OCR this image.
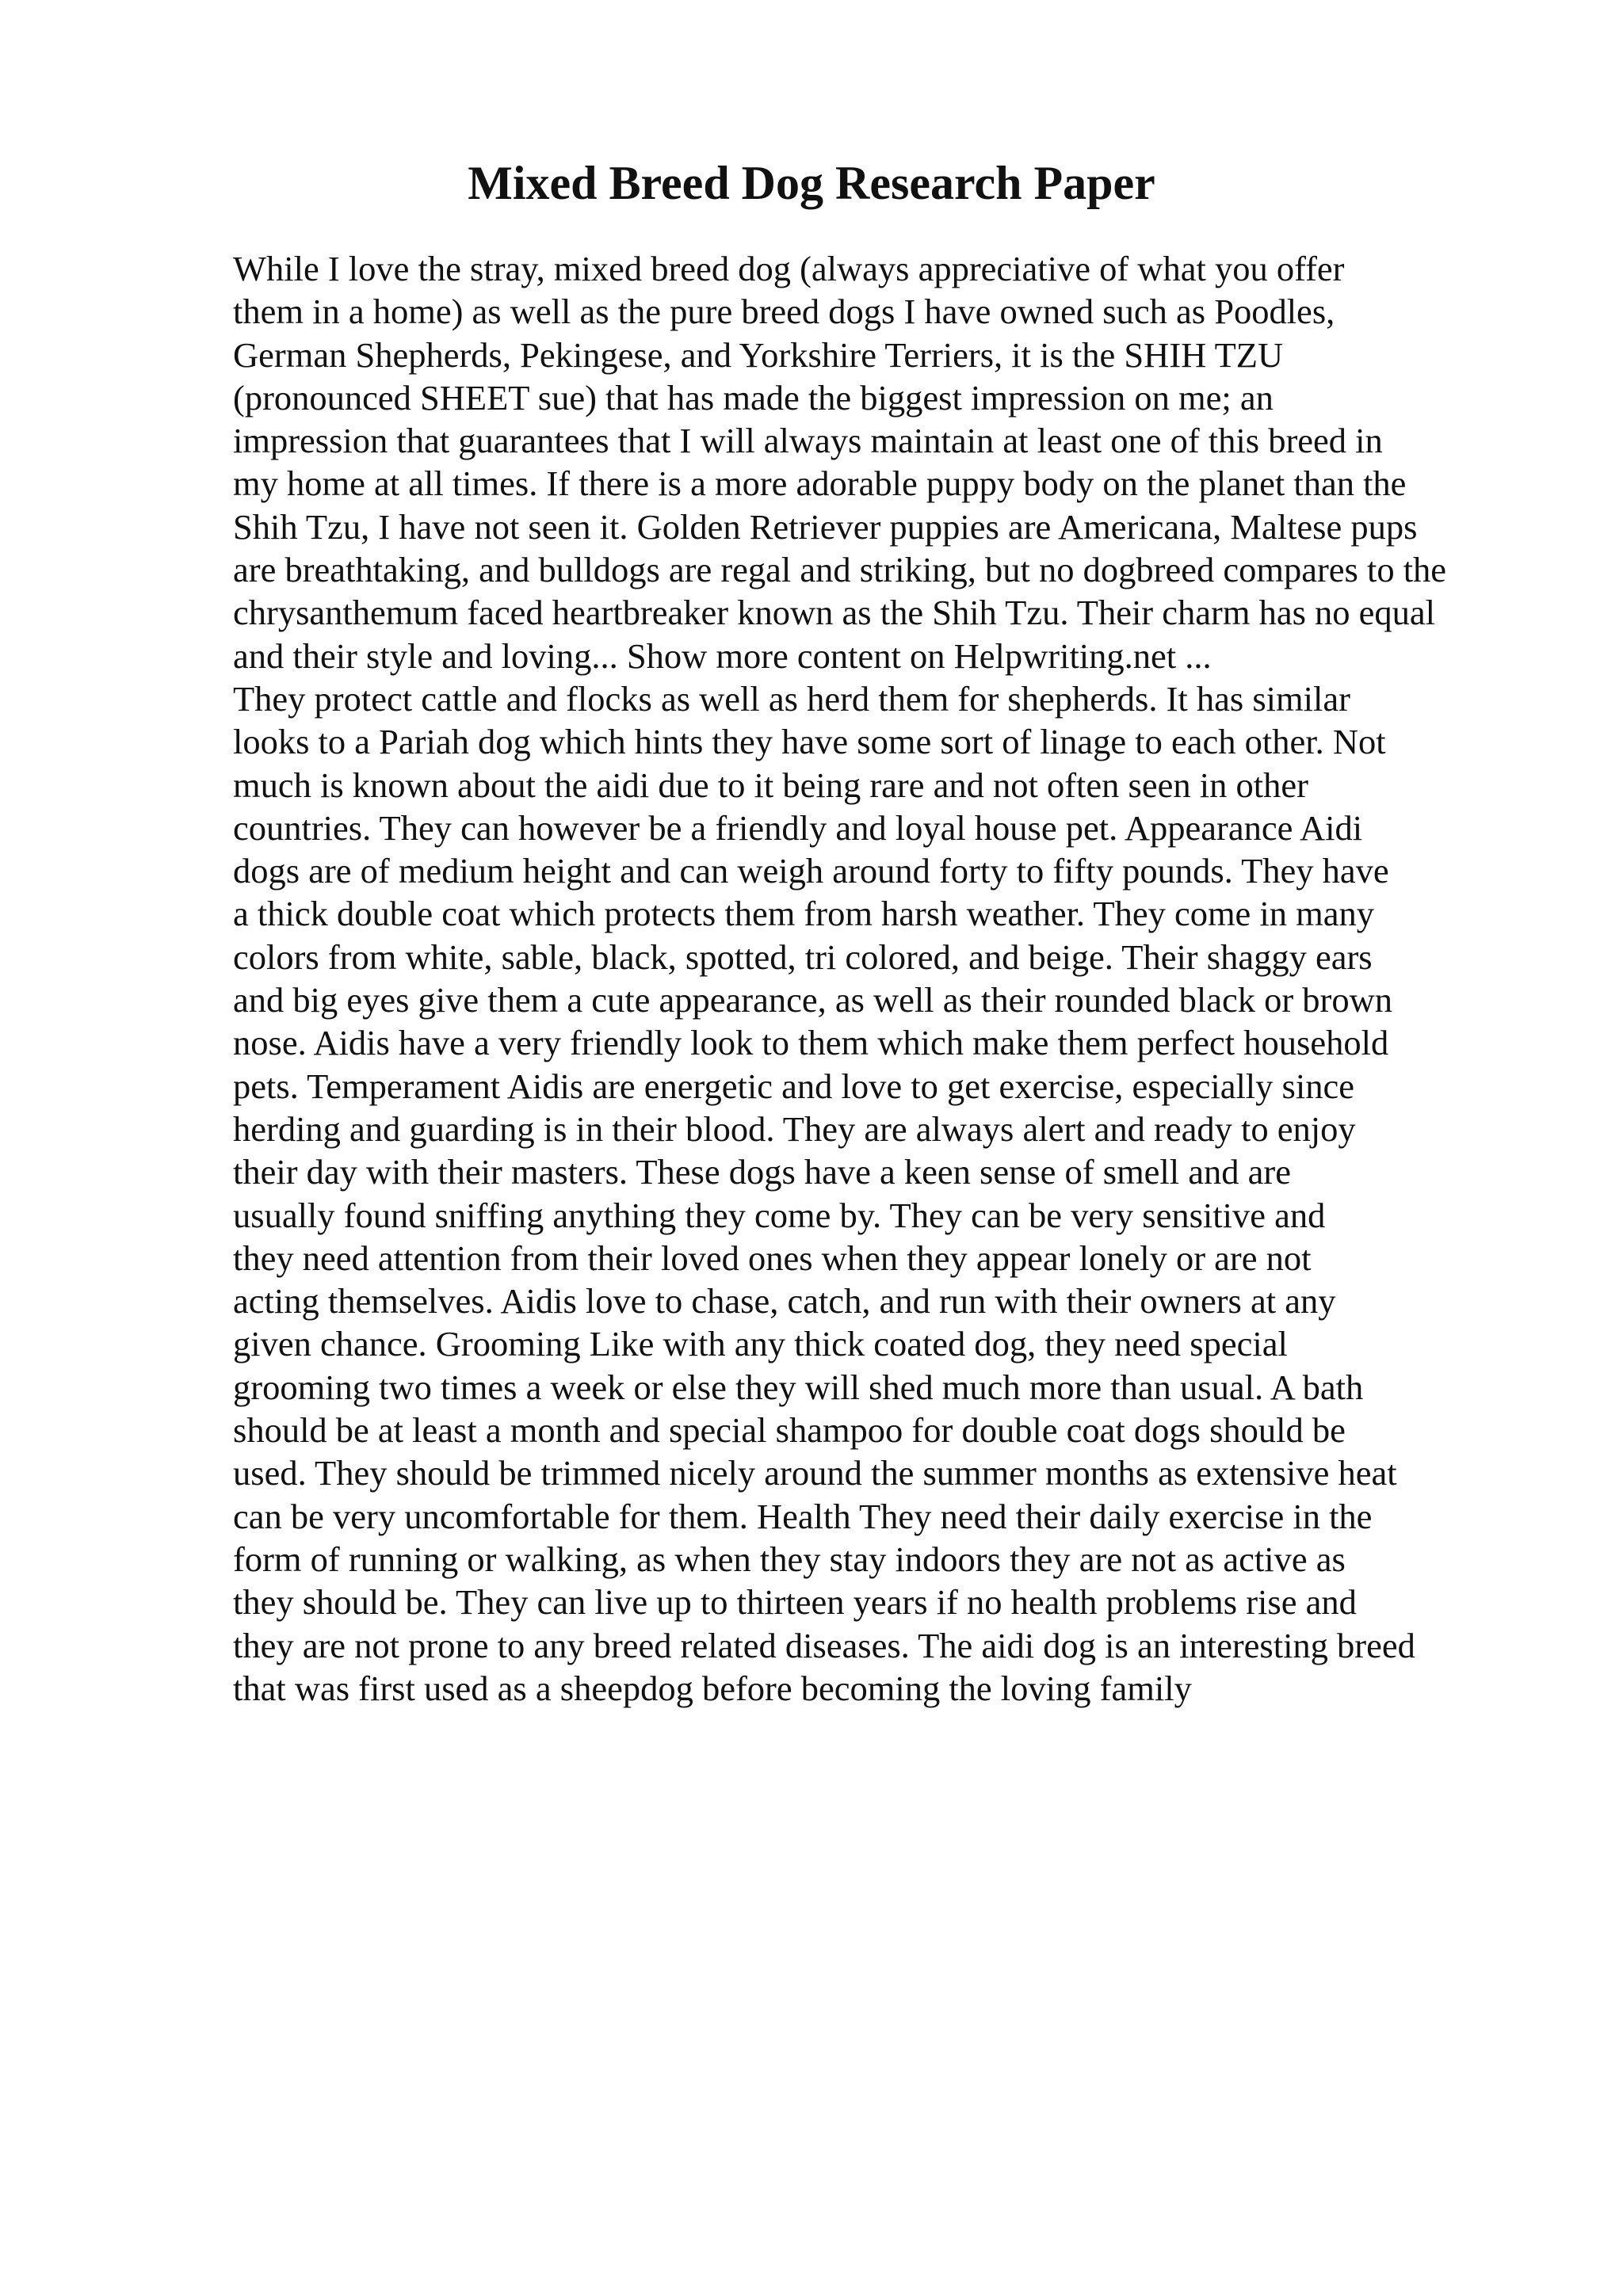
Mixed Breed Dog Research Paper
While I love the stray, mixed breed dog (always appreciative of what you offer
them in a home) as well as the pure breed dogs I have owned such as Poodles,
German Shepherds, Pekingese, and Yorkshire Terriers, it is the SHIH TZU
(pronounced SHEET sue) that has made the biggest impression on me; an
impression that guarantees that I will always maintain at least one of this breed in
my home at all times. If there is a more adorable puppy body on the planet than the
Shih Tzu, I have not seen it. Golden Retriever puppies are Americana, Maltese pups
are breathtaking, and bulldogs are regal and striking, but no dogbreed compares to the
chrysanthemum faced heartbreaker known as the Shih Tzu. Their charm has no equal
and their style and loving... Show more content on Helpwriting.net ...
They protect cattle and flocks as well as herd them for shepherds. It has similar
looks to a Pariah dog which hints they have some sort of linage to each other. Not
much is known about the aidi due to it being rare and not often seen in other
countries. They can however be a friendly and loyal house pet. Appearance Aidi
dogs are of medium height and can weigh around forty to fifty pounds. They have
a thick double coat which protects them from harsh weather. They come in many
colors from white, sable, black, spotted, tri colored, and beige. Their shaggy ears
and big eyes give them a cute appearance, as well as their rounded black or brown
nose. Aidis have a very friendly look to them which make them perfect household
pets. Temperament Aidis are energetic and love to get exercise, especially since
herding and guarding is in their blood. They are always alert and ready to enjoy
their day with their masters. These dogs have a keen sense of smell and are
usually found sniffing anything they come by. They can be very sensitive and
they need attention from their loved ones when they appear lonely or are not
acting themselves. Aidis love to chase, catch, and run with their owners at any
given chance. Grooming Like with any thick coated dog, they need special
grooming two times a week or else they will shed much more than usual. A bath
should be at least a month and special shampoo for double coat dogs should be
used. They should be trimmed nicely around the summer months as extensive heat
can be very uncomfortable for them. Health They need their daily exercise in the
form of running or walking, as when they stay indoors they are not as active as
they should be. They can live up to thirteen years if no health problems rise and
they are not prone to any breed related diseases. The aidi dog is an interesting breed
that was first used as a sheepdog before becoming the loving family
